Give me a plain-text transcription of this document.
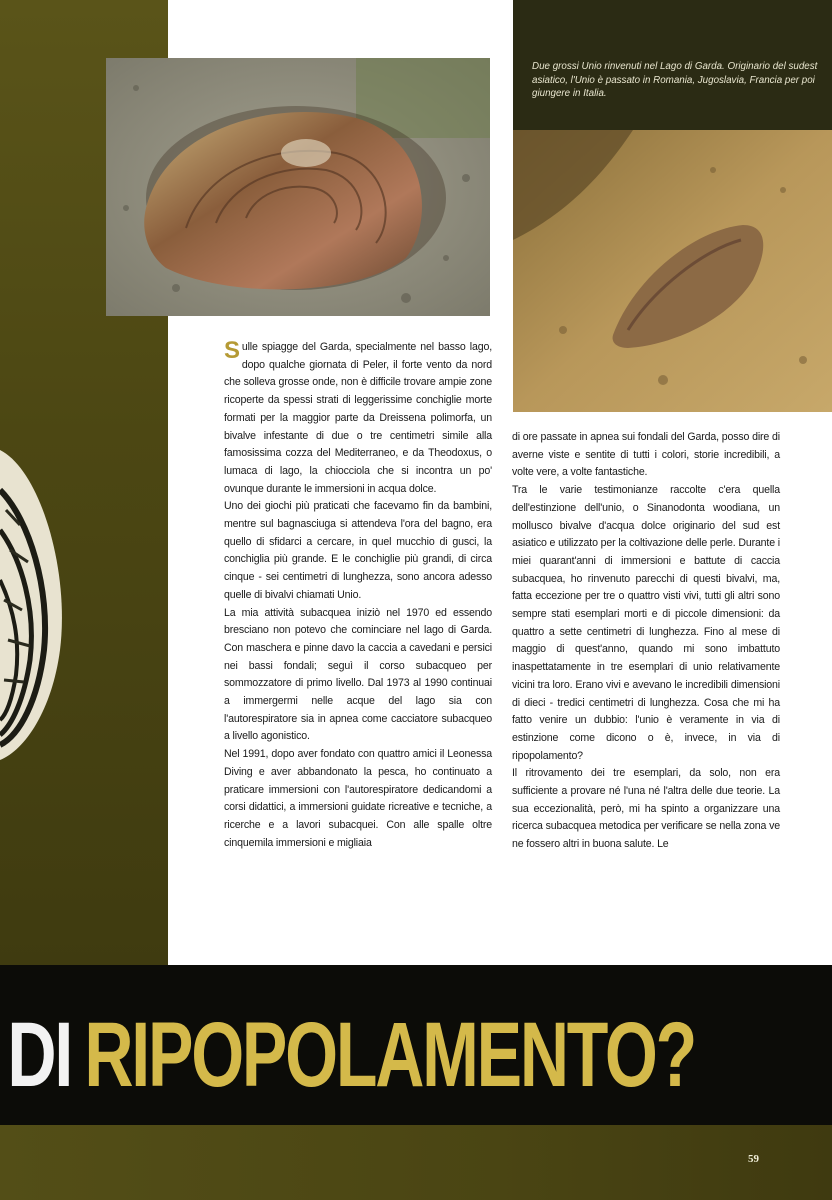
Due grossi Unio rinvenuti nel Lago di Garda. Originario del sudest asiatico, l'Unio è passato in Romania, Jugoslavia, Francia per poi giungere in Italia.

Sulle spiagge del Garda, specialmente nel basso lago, dopo qualche giornata di Peler, il forte vento da nord che solleva grosse onde, non è difficile trovare ampie zone ricoperte da spessi strati di leggerissime conchiglie morte formati per la maggior parte da Dreissena polimorfa, un bivalve infestante di due o tre centimetri simile alla famosissima cozza del Mediterraneo, e da Theodoxus, o lumaca di lago, la chiocciola che si incontra un po' ovunque durante le immersioni in acqua dolce.

Uno dei giochi più praticati che facevamo fin da bambini, mentre sul bagnasciuga si attendeva l'ora del bagno, era quello di sfidarci a cercare, in quel mucchio di gusci, la conchiglia più grande. E le conchiglie più grandi, di circa cinque - sei centimetri di lunghezza, sono ancora adesso quelle di bivalvi chiamati Unio.

La mia attività subacquea iniziò nel 1970 ed essendo bresciano non potevo che cominciare nel lago di Garda. Con maschera e pinne davo la caccia a cavedani e persici nei bassi fondali; seguì il corso subacqueo per sommozzatore di primo livello. Dal 1973 al 1990 continuai a immergermi nelle acque del lago sia con l'autorespiratore sia in apnea come cacciatore subacqueo a livello agonistico.

Nel 1991, dopo aver fondato con quattro amici il Leonessa Diving e aver abbandonato la pesca, ho continuato a praticare immersioni con l'autorespiratore dedicandomi a corsi didattici, a immersioni guidate ricreative e tecniche, a ricerche e a lavori subacquei. Con alle spalle oltre cinquemila immersioni e migliaia

di ore passate in apnea sui fondali del Garda, posso dire di averne viste e sentite di tutti i colori, storie incredibili, a volte vere, a volte fantastiche.

Tra le varie testimonianze raccolte c'era quella dell'estinzione dell'unio, o Sinanodonta woodiana, un mollusco bivalve d'acqua dolce originario del sud est asiatico e utilizzato per la coltivazione delle perle. Durante i miei quarant'anni di immersioni e battute di caccia subacquea, ho rinvenuto parecchi di questi bivalvi, ma, fatta eccezione per tre o quattro visti vivi, tutti gli altri sono sempre stati esemplari morti e di piccole dimensioni: da quattro a sette centimetri di lunghezza. Fino al mese di maggio di quest'anno, quando mi sono imbattuto inaspettatamente in tre esemplari di unio relativamente vicini tra loro. Erano vivi e avevano le incredibili dimensioni di dieci - tredici centimetri di lunghezza. Cosa che mi ha fatto venire un dubbio: l'unio è veramente in via di estinzione come dicono o è, invece, in via di ripopolamento?

Il ritrovamento dei tre esemplari, da solo, non era sufficiente a provare né l'una né l'altra delle due teorie. La sua eccezionalità, però, mi ha spinto a organizzare una ricerca subacquea metodica per verificare se nella zona ve ne fossero altri in buona salute. Le

DI RIPOPOLAMENTO?
59
